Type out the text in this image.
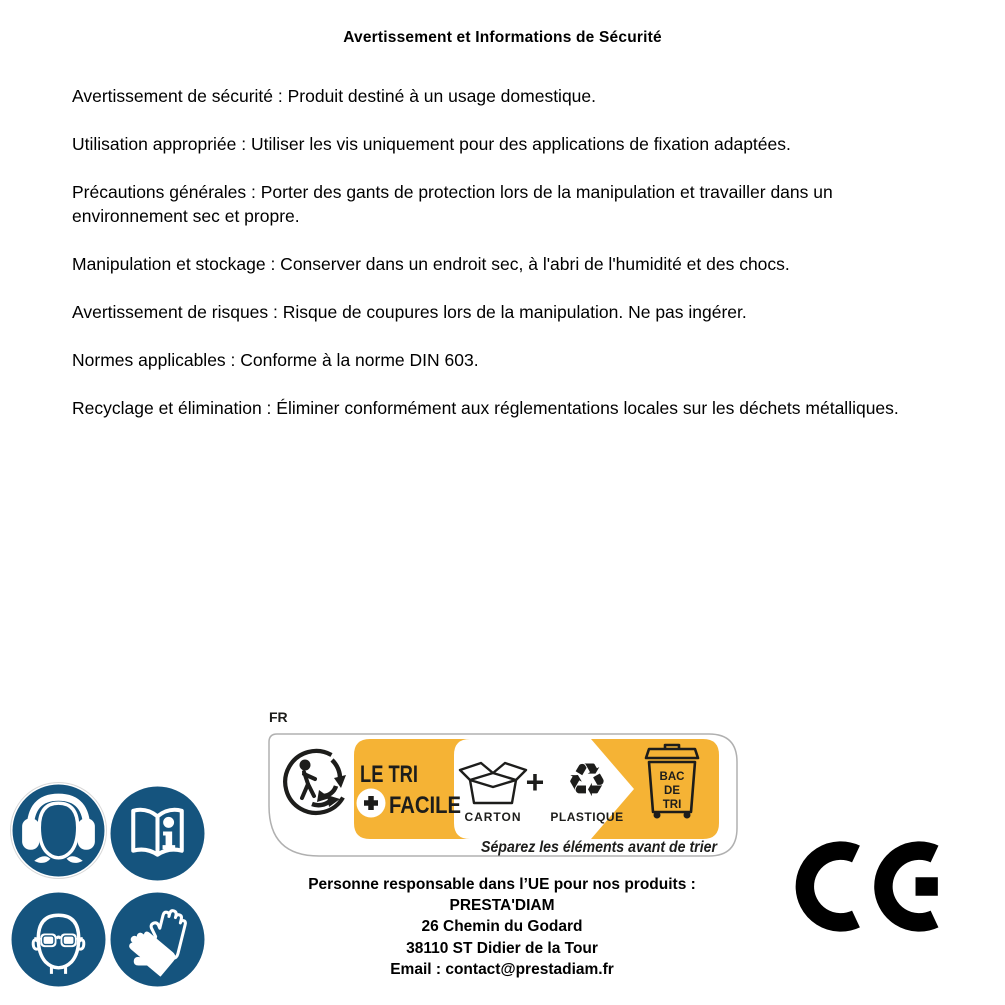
Avertissement et Informations de Sécurité

Avertissement de sécurité : Produit destiné à un usage domestique.

Utilisation appropriée : Utiliser les vis uniquement pour des applications de fixation adaptées.

Précautions générales : Porter des gants de protection lors de la manipulation et travailler dans un environnement sec et propre.

Manipulation et stockage : Conserver dans un endroit sec, à l'abri de l'humidité et des chocs.

Avertissement de risques : Risque de coupures lors de la manipulation. Ne pas ingérer.

Normes applicables : Conforme à la norme DIN 603.

Recyclage et élimination : Éliminer conformément aux réglementations locales sur les déchets métalliques.

FR
LE TRI
FACILE CARTON
+ ♻
PLASTIQUE
BAC
DE
TRI
Séparez les éléments avant de trier
Personne responsable dans l’UE pour nos produits :
PRESTA'DIAM
26 Chemin du Godard
38110 ST Didier de la Tour
Email : contact@prestadiam.fr
